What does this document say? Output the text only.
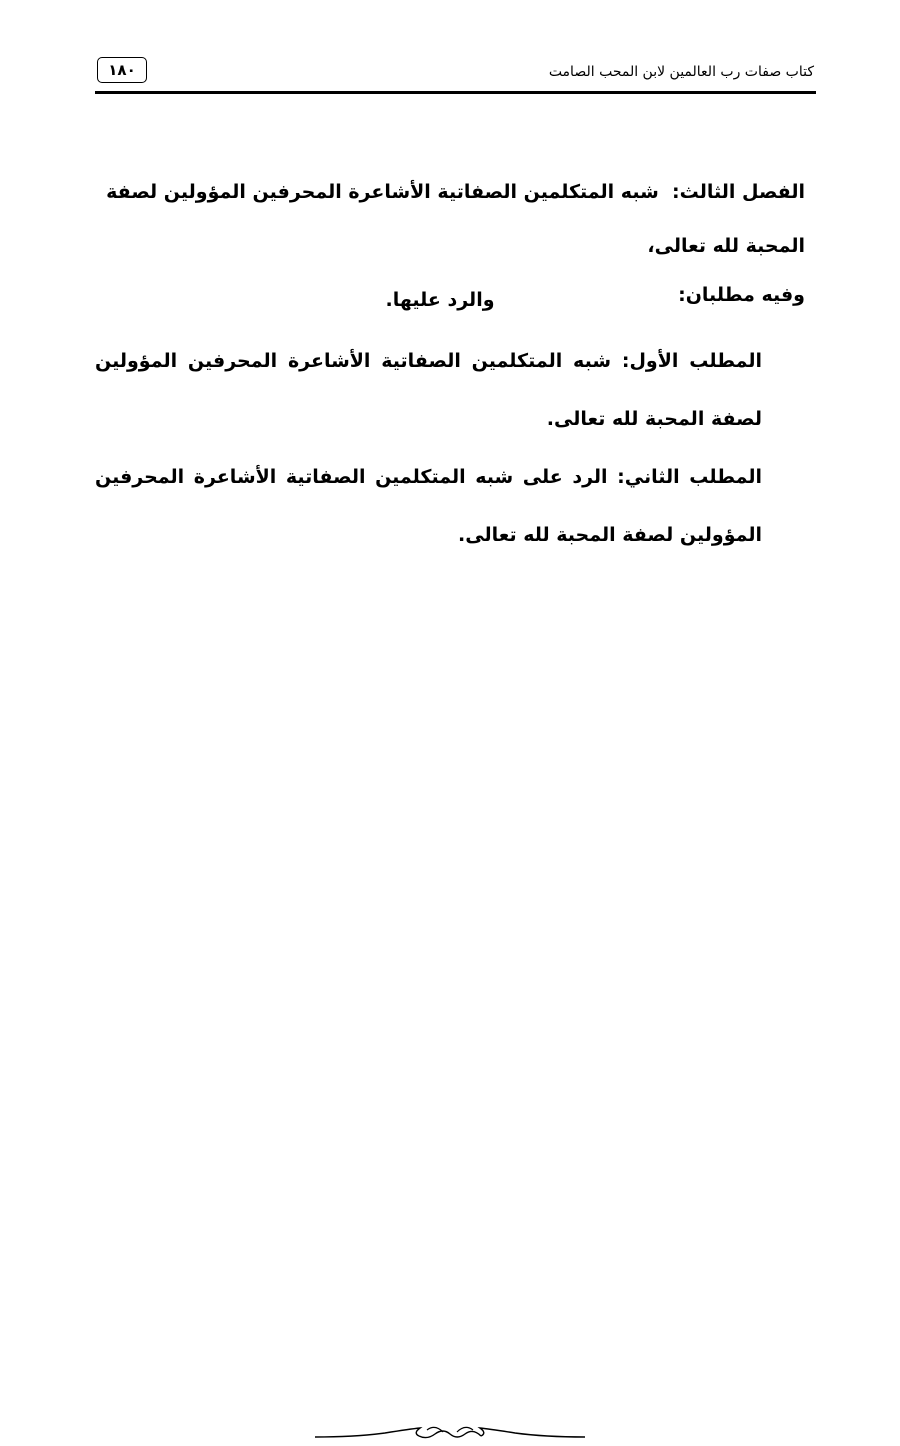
١٨٠	كتاب صفات رب العالمين لابن المحب الصامت
الفصل الثالث:  شبه المتكلمين الصفاتية الأشاعرة المحرفين المؤولين لصفة المحبة لله تعالى،
والرد عليها.	وفيه مطلبان:
المطلب الأول: شبه المتكلمين الصفاتية الأشاعرة المحرفين المؤولين لصفة المحبة لله تعالى.
المطلب الثاني: الرد على شبه المتكلمين الصفاتية الأشاعرة المحرفين المؤولين لصفة المحبة لله تعالى.
